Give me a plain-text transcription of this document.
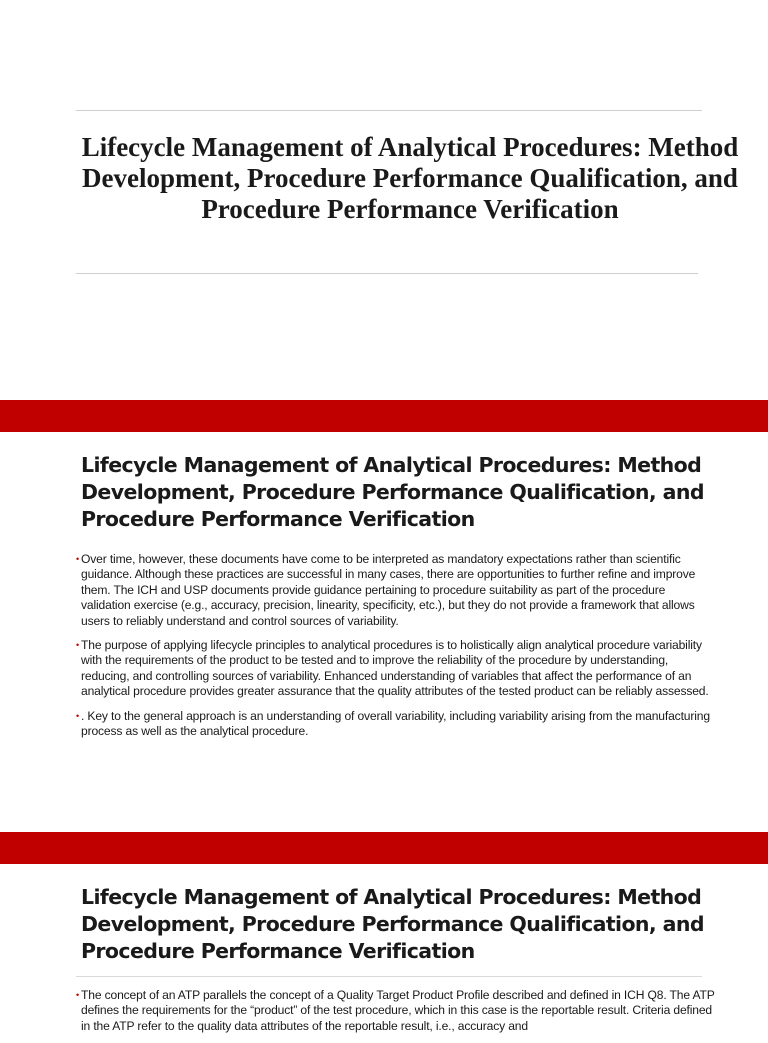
Lifecycle Management of Analytical Procedures: Method Development, Procedure Performance Qualification, and Procedure Performance Verification
Lifecycle Management of Analytical Procedures: Method Development, Procedure Performance Qualification, and Procedure Performance Verification
• Over time, however, these documents have come to be interpreted as mandatory expectations rather than scientific guidance. Although these practices are successful in many cases, there are opportunities to further refine and improve them. The ICH and USP documents provide guidance pertaining to procedure suitability as part of the procedure validation exercise (e.g., accuracy, precision, linearity, specificity, etc.), but they do not provide a framework that allows users to reliably understand and control sources of variability.
• The purpose of applying lifecycle principles to analytical procedures is to holistically align analytical procedure variability with the requirements of the product to be tested and to improve the reliability of the procedure by understanding, reducing, and controlling sources of variability. Enhanced understanding of variables that affect the performance of an analytical procedure provides greater assurance that the quality attributes of the tested product can be reliably assessed.
• . Key to the general approach is an understanding of overall variability, including variability arising from the manufacturing process as well as the analytical procedure.
Lifecycle Management of Analytical Procedures: Method Development, Procedure Performance Qualification, and Procedure Performance Verification
• The concept of an ATP parallels the concept of a Quality Target Product Profile described and defined in ICH Q8. The ATP defines the requirements for the “product” of the test procedure, which in this case is the reportable result. Criteria defined in the ATP refer to the quality data attributes of the reportable result, i.e., accuracy and
